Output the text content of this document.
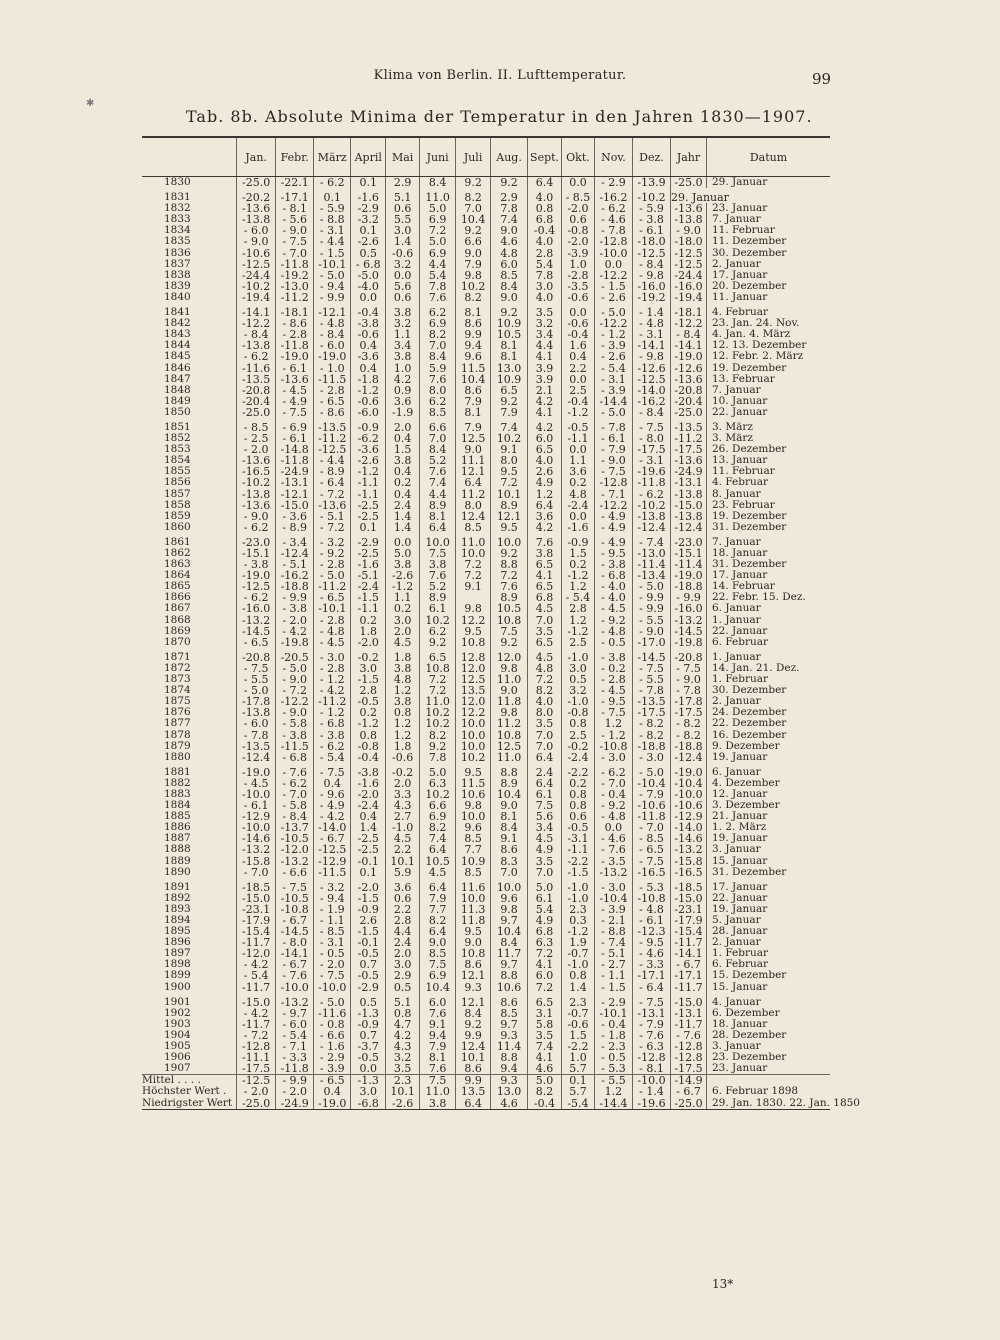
Klima von Berlin. II. Lufttemperatur.	99
✱
Tab. 8b. Absolute Minima der Temperatur in den Jahren 1830—1907.
	Jan.	Febr.	März	April	Mai	Juni	Juli	Aug.	Sept.	Okt.	Nov.	Dez.	Jahr	Datum
1830	-25.0	-22.1	- 6.2	0.1	2.9	8.4	9.2	9.2	6.4	0.0	- 2.9	-13.9	-25.0	29. Januar
1831	-20.2	-17.1	0.1	-1.6	5.1	11.0	8.2	2.9	4.0	- 8.5	-16.2	-10.2	29. Januar	
1832	-13.6	- 8.1	- 5.9	-2.9	0.6	5.0	7.0	7.8	0.8	-2.0	- 6.2	- 5.9	-13.6	23. Januar
1833	-13.8	- 5.6	- 8.8	-3.2	5.5	6.9	10.4	7.4	6.8	0.6	- 4.6	- 3.8	-13.8	7. Januar
1834	- 6.0	- 9.0	- 3.1	0.1	3.0	7.2	9.2	9.0	-0.4	-0.8	- 7.8	- 6.1	- 9.0	11. Februar
1835	- 9.0	- 7.5	- 4.4	-2.6	1.4	5.0	6.6	4.6	4.0	-2.0	-12.8	-18.0	-18.0	11. Dezember
1836	-10.6	- 7.0	- 1.5	0.5	-0.6	6.9	9.0	4.8	2.8	-3.9	-10.0	-12.5	-12.5	30. Dezember
1837	-12.5	-11.8	-10.1	- 6.8	3.2	4.4	7.9	6.0	5.4	1.0	0.0	- 8.4	-12.5	2. Januar
1838	-24.4	-19.2	- 5.0	-5.0	0.0	5.4	9.8	8.5	7.8	-2.8	-12.2	- 9.8	-24.4	17. Januar
1839	-10.2	-13.0	- 9.4	-4.0	5.6	7.8	10.2	8.4	3.0	-3.5	- 1.5	-16.0	-16.0	20. Dezember
1840	-19.4	-11.2	- 9.9	0.0	0.6	7.6	8.2	9.0	4.0	-0.6	- 2.6	-19.2	-19.4	11. Januar
1841	-14.1	-18.1	-12.1	-0.4	3.8	6.2	8.1	9.2	3.5	0.0	- 5.0	- 1.4	-18.1	4. Februar
1842	-12.2	- 8.6	- 4.8	-3.8	3.2	6.9	8.6	10.9	3.2	-0.6	-12.2	- 4.8	-12.2	23. Jan. 24. Nov.
1843	- 8.4	- 2.8	- 8.4	-0.6	1.1	8.2	9.9	10.5	3.4	-0.4	- 1.2	- 3.1	- 8.4	4. Jan. 4. März
1844	-13.8	-11.8	- 6.0	0.4	3.4	7.0	9.4	8.1	4.4	1.6	- 3.9	-14.1	-14.1	12. 13. Dezember
1845	- 6.2	-19.0	-19.0	-3.6	3.8	8.4	9.6	8.1	4.1	0.4	- 2.6	- 9.8	-19.0	12. Febr. 2. März
1846	-11.6	- 6.1	- 1.0	0.4	1.0	5.9	11.5	13.0	3.9	2.2	- 5.4	-12.6	-12.6	19. Dezember
1847	-13.5	-13.6	-11.5	-1.8	4.2	7.6	10.4	10.9	3.9	0.0	- 3.1	-12.5	-13.6	13. Februar
1848	-20.8	- 4.5	- 2.8	-1.2	0.9	8.0	8.6	6.5	2.1	2.5	- 3.9	-14.0	-20.8	7. Januar
1849	-20.4	- 4.9	- 6.5	-0.6	3.6	6.2	7.9	9.2	4.2	-0.4	-14.4	-16.2	-20.4	10. Januar
1850	-25.0	- 7.5	- 8.6	-6.0	-1.9	8.5	8.1	7.9	4.1	-1.2	- 5.0	- 8.4	-25.0	22. Januar
1851	- 8.5	- 6.9	-13.5	-0.9	2.0	6.6	7.9	7.4	4.2	-0.5	- 7.8	- 7.5	-13.5	3. März
1852	- 2.5	- 6.1	-11.2	-6.2	0.4	7.0	12.5	10.2	6.0	-1.1	- 6.1	- 8.0	-11.2	3. März
1853	- 2.0	-14.8	-12.5	-3.6	1.5	8.4	9.0	9.1	6.5	0.0	- 7.9	-17.5	-17.5	26. Dezember
1854	-13.6	-11.8	- 4.4	-2.6	3.8	5.2	11.1	8.0	4.0	1.1	- 9.0	- 3.1	-13.6	13. Januar
1855	-16.5	-24.9	- 8.9	-1.2	0.4	7.6	12.1	9.5	2.6	3.6	- 7.5	-19.6	-24.9	11. Februar
1856	-10.2	-13.1	- 6.4	-1.1	0.2	7.4	6.4	7.2	4.9	0.2	-12.8	-11.8	-13.1	4. Februar
1857	-13.8	-12.1	- 7.2	-1.1	0.4	4.4	11.2	10.1	1.2	4.8	- 7.1	- 6.2	-13.8	8. Januar
1858	-13.6	-15.0	-13.6	-2.5	2.4	8.9	8.0	8.9	6.4	-2.4	-12.2	-10.2	-15.0	23. Februar
1859	- 9.0	- 3.6	- 5.1	-2.5	1.4	8.1	12.4	12.1	3.6	0.0	- 4.9	-13.8	-13.8	19. Dezember
1860	- 6.2	- 8.9	- 7.2	0.1	1.4	6.4	8.5	9.5	4.2	-1.6	- 4.9	-12.4	-12.4	31. Dezember
1861	-23.0	- 3.4	- 3.2	-2.9	0.0	10.0	11.0	10.0	7.6	-0.9	- 4.9	- 7.4	-23.0	7. Januar
1862	-15.1	-12.4	- 9.2	-2.5	5.0	7.5	10.0	9.2	3.8	1.5	- 9.5	-13.0	-15.1	18. Januar
1863	- 3.8	- 5.1	- 2.8	-1.6	3.8	3.8	7.2	8.8	6.5	0.2	- 3.8	-11.4	-11.4	31. Dezember
1864	-19.0	-16.2	- 5.0	-5.1	-2.6	7.6	7.2	7.2	4.1	-1.2	- 6.8	-13.4	-19.0	17. Januar
1865	-12.5	-18.8	-11.2	-2.4	-1.2	5.2	9.1	7.6	6.5	1.2	- 4.0	- 5.0	-18.8	14. Februar
1866	- 6.2	- 9.9	- 6.5	-1.5	1.1	8.9		8.9	6.8	- 5.4	- 4.0	- 9.9	- 9.9	22. Febr. 15. Dez.
1867	-16.0	- 3.8	-10.1	-1.1	0.2	6.1	9.8	10.5	4.5	2.8	- 4.5	- 9.9	-16.0	6. Januar
1868	-13.2	- 2.0	- 2.8	0.2	3.0	10.2	12.2	10.8	7.0	1.2	- 9.2	- 5.5	-13.2	1. Januar
1869	-14.5	- 4.2	- 4.8	1.8	2.0	6.2	9.5	7.5	3.5	-1.2	- 4.8	- 9.0	-14.5	22. Januar
1870	- 6.5	-19.8	- 4.5	-2.0	4.5	9.2	10.8	9.2	6.5	2.5	- 0.5	-17.0	-19.8	6. Februar
1871	-20.8	-20.5	- 3.0	-0.2	1.8	6.5	12.8	12.0	4.5	-1.0	- 3.8	-14.5	-20.8	1. Januar
1872	- 7.5	- 5.0	- 2.8	3.0	3.8	10.8	12.0	9.8	4.8	3.0	- 0.2	- 7.5	- 7.5	14. Jan. 21. Dez.
1873	- 5.5	- 9.0	- 1.2	-1.5	4.8	7.2	12.5	11.0	7.2	0.5	- 2.8	- 5.5	- 9.0	1. Februar
1874	- 5.0	- 7.2	- 4.2	2.8	1.2	7.2	13.5	9.0	8.2	3.2	- 4.5	- 7.8	- 7.8	30. Dezember
1875	-17.8	-12.2	-11.2	-0.5	3.8	11.0	12.0	11.8	4.0	-1.0	- 9.5	-13.5	-17.8	2. Januar
1876	-13.8	- 9.0	- 1.2	0.2	0.8	10.2	12.2	9.8	8.0	-0.8	- 7.5	-17.5	-17.5	24. Dezember
1877	- 6.0	- 5.8	- 6.8	-1.2	1.2	10.2	10.0	11.2	3.5	0.8	1.2	- 8.2	- 8.2	22. Dezember
1878	- 7.8	- 3.8	- 3.8	0.8	1.2	8.2	10.0	10.8	7.0	2.5	- 1.2	- 8.2	- 8.2	16. Dezember
1879	-13.5	-11.5	- 6.2	-0.8	1.8	9.2	10.0	12.5	7.0	-0.2	-10.8	-18.8	-18.8	9. Dezember
1880	-12.4	- 6.8	- 5.4	-0.4	-0.6	7.8	10.2	11.0	6.4	-2.4	- 3.0	- 3.0	-12.4	19. Januar
1881	-19.0	- 7.6	- 7.5	-3.8	-0.2	5.0	9.5	8.8	2.4	-2.2	- 6.2	- 5.0	-19.0	6. Januar
1882	- 4.5	- 6.2	0.4	-1.6	2.0	6.3	11.5	8.9	6.4	0.2	- 7.0	-10.4	-10.4	4. Dezember
1883	-10.0	- 7.0	- 9.6	-2.0	3.3	10.2	10.6	10.4	6.1	0.8	- 0.4	- 7.9	-10.0	12. Januar
1884	- 6.1	- 5.8	- 4.9	-2.4	4.3	6.6	9.8	9.0	7.5	0.8	- 9.2	-10.6	-10.6	3. Dezember
1885	-12.9	- 8.4	- 4.2	0.4	2.7	6.9	10.0	8.1	5.6	0.6	- 4.8	-11.8	-12.9	21. Januar
1886	-10.0	-13.7	-14.0	1.4	-1.0	8.2	9.6	8.4	3.4	-0.5	0.0	- 7.0	-14.0	1. 2. März
1887	-14.6	-10.5	- 6.7	-2.5	4.5	7.4	8.5	9.1	4.5	-3.1	- 4.6	- 8.5	-14.6	19. Januar
1888	-13.2	-12.0	-12.5	-2.5	2.2	6.4	7.7	8.6	4.9	-1.1	- 7.6	- 6.5	-13.2	3. Januar
1889	-15.8	-13.2	-12.9	-0.1	10.1	10.5	10.9	8.3	3.5	-2.2	- 3.5	- 7.5	-15.8	15. Januar
1890	- 7.0	- 6.6	-11.5	0.1	5.9	4.5	8.5	7.0	7.0	-1.5	-13.2	-16.5	-16.5	31. Dezember
1891	-18.5	- 7.5	- 3.2	-2.0	3.6	6.4	11.6	10.0	5.0	-1.0	- 3.0	- 5.3	-18.5	17. Januar
1892	-15.0	-10.5	- 9.4	-1.5	0.6	7.9	10.0	9.6	6.1	-1.0	-10.4	-10.8	-15.0	22. Januar
1893	-23.1	-10.8	- 1.9	-0.9	2.2	7.7	11.3	9.8	5.4	2.3	- 3.9	- 4.8	-23.1	19. Januar
1894	-17.9	- 6.7	- 1.1	2.6	2.8	8.2	11.8	9.7	4.9	0.3	- 2.1	- 6.1	-17.9	5. Januar
1895	-15.4	-14.5	- 8.5	-1.5	4.4	6.4	9.5	10.4	6.8	-1.2	- 8.8	-12.3	-15.4	28. Januar
1896	-11.7	- 8.0	- 3.1	-0.1	2.4	9.0	9.0	8.4	6.3	1.9	- 7.4	- 9.5	-11.7	2. Januar
1897	-12.0	-14.1	- 0.5	-0.5	2.0	8.5	10.8	11.7	7.2	-0.7	- 5.1	- 4.6	-14.1	1. Februar
1898	- 4.2	- 6.7	- 2.0	0.7	3.0	7.5	8.6	9.7	4.1	-1.0	- 2.7	- 3.3	- 6.7	6. Februar
1899	- 5.4	- 7.6	- 7.5	-0.5	2.9	6.9	12.1	8.8	6.0	0.8	- 1.1	-17.1	-17.1	15. Dezember
1900	-11.7	-10.0	-10.0	-2.9	0.5	10.4	9.3	10.6	7.2	1.4	- 1.5	- 6.4	-11.7	15. Januar
1901	-15.0	-13.2	- 5.0	0.5	5.1	6.0	12.1	8.6	6.5	2.3	- 2.9	- 7.5	-15.0	4. Januar
1902	- 4.2	- 9.7	-11.6	-1.3	0.8	7.6	8.4	8.5	3.1	-0.7	-10.1	-13.1	-13.1	6. Dezember
1903	-11.7	- 6.0	- 0.8	-0.9	4.7	9.1	9.2	9.7	5.8	-0.6	- 0.4	- 7.9	-11.7	18. Januar
1904	- 7.2	- 5.4	- 6.6	0.7	4.2	9.4	9.9	9.3	3.5	1.5	- 1.8	- 7.6	- 7.6	28. Dezember
1905	-12.8	- 7.1	- 1.6	-3.7	4.3	7.9	12.4	11.4	7.4	-2.2	- 2.3	- 6.3	-12.8	3. Januar
1906	-11.1	- 3.3	- 2.9	-0.5	3.2	8.1	10.1	8.8	4.1	1.0	- 0.5	-12.8	-12.8	23. Dezember
1907	-17.5	-11.8	- 3.9	0.0	3.5	7.6	8.6	9.4	4.6	5.7	- 5.3	- 8.1	-17.5	23. Januar
Mittel . . . .	-12.5	- 9.9	- 6.5	-1.3	2.3	7.5	9.9	9.3	5.0	0.1	- 5.5	-10.0	-14.9	
Höchster Wert .	- 2.0	- 2.0	0.4	3.0	10.1	11.0	13.5	13.0	8.2	5.7	1.2	- 1.4	- 6.7	6. Februar 1898
Niedrigster Wert	-25.0	-24.9	-19.0	-6.8	-2.6	3.8	6.4	4.6	-0.4	-5.4	-14.4	-19.6	-25.0	29. Jan. 1830. 22. Jan. 1850
13*
